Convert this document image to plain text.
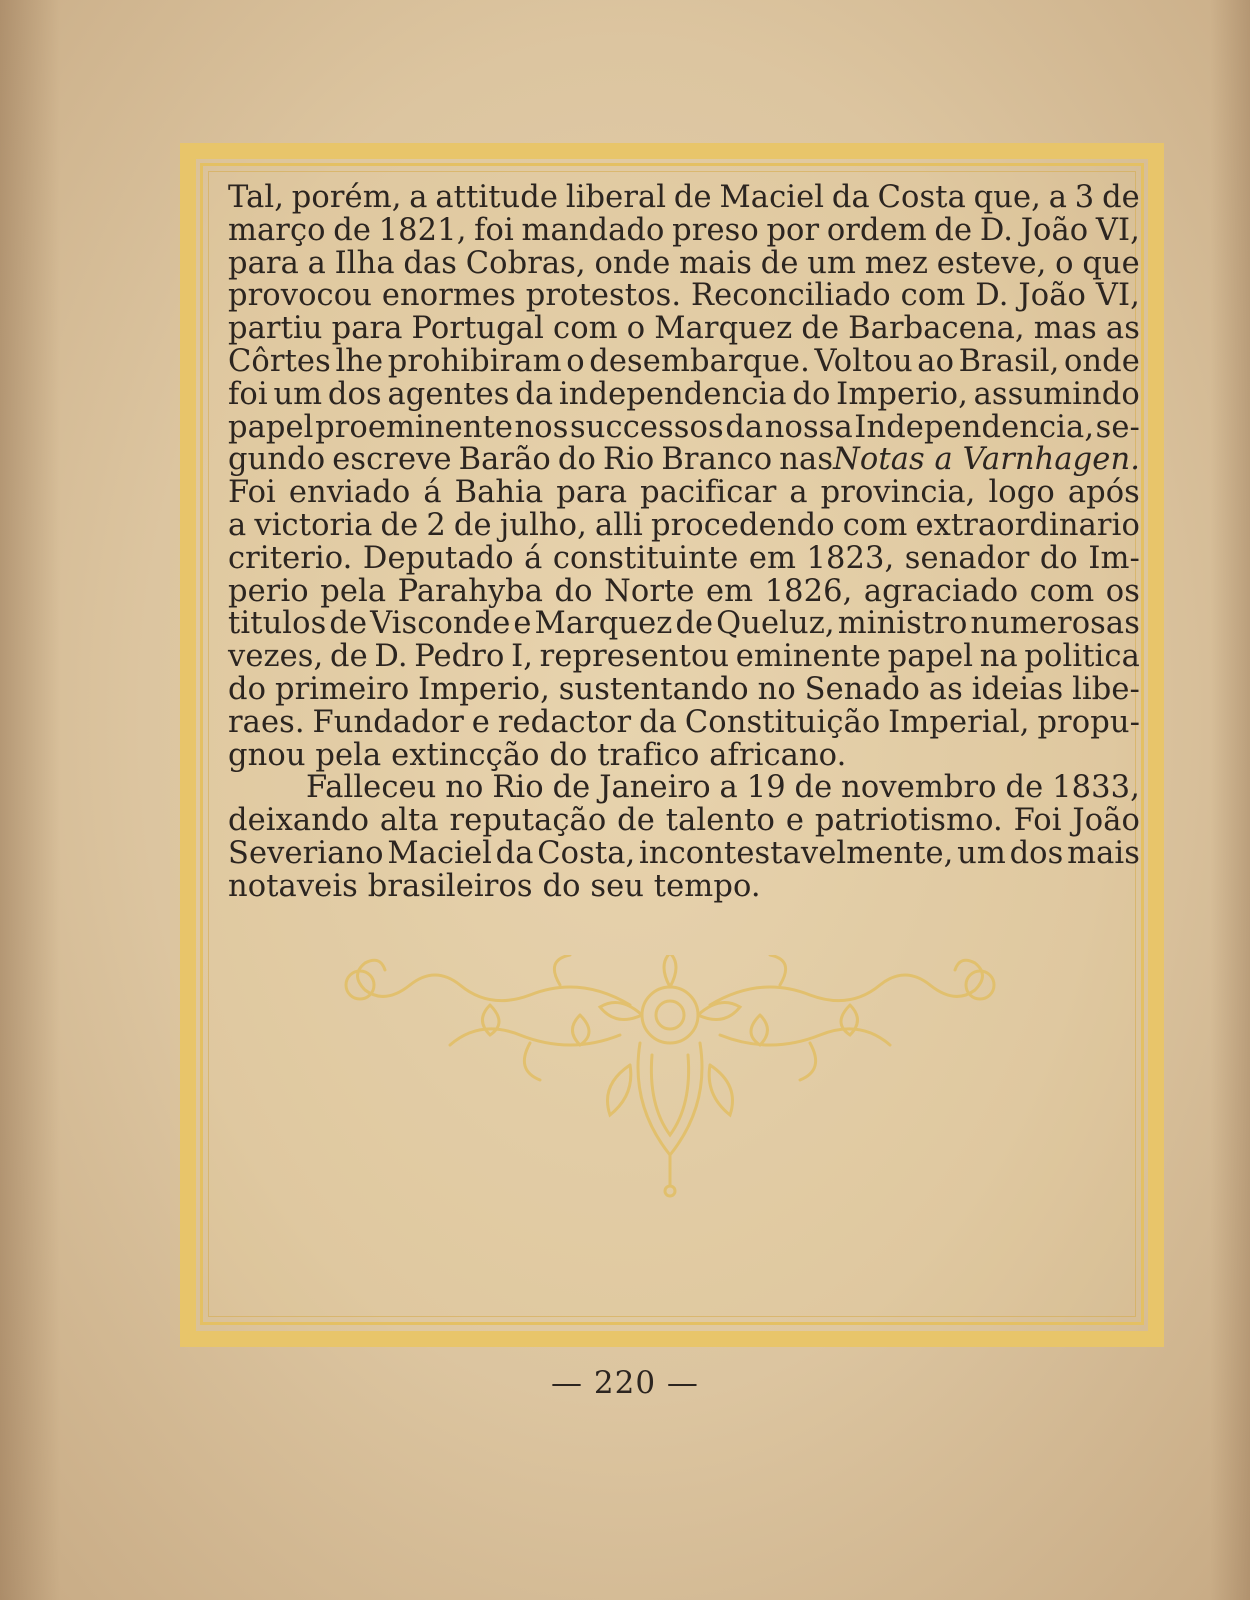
Tal, porém, a attitude liberal de Maciel da Costa que, a 3 de
março de 1821, foi mandado preso por ordem de D. João VI,
para a Ilha das Cobras, onde mais de um mez esteve, o que
provocou enormes protestos. Reconciliado com D. João VI,
partiu para Portugal com o Marquez de Barbacena, mas as
Côrtes lhe prohibiram o desembarque. Voltou ao Brasil, onde
foi um dos agentes da independencia do Imperio, assumindo
papel proeminente nos successos da nossa Independencia, se-
gundo escreve Barão do Rio Branco nas Notas a Varnhagen.
Foi enviado á Bahia para pacificar a provincia, logo após
a victoria de 2 de julho, alli procedendo com extraordinario
criterio. Deputado á constituinte em 1823, senador do Im-
perio pela Parahyba do Norte em 1826, agraciado com os
titulos de Visconde e Marquez de Queluz, ministro numerosas
vezes, de D. Pedro I, representou eminente papel na politica
do primeiro Imperio, sustentando no Senado as ideias libe-
raes. Fundador e redactor da Constituição Imperial, propu-
gnou pela extincção do trafico africano.
Falleceu no Rio de Janeiro a 19 de novembro de 1833,
deixando alta reputação de talento e patriotismo. Foi João
Severiano Maciel da Costa, incontestavelmente, um dos mais
notaveis brasileiros do seu tempo.
— 220 —
